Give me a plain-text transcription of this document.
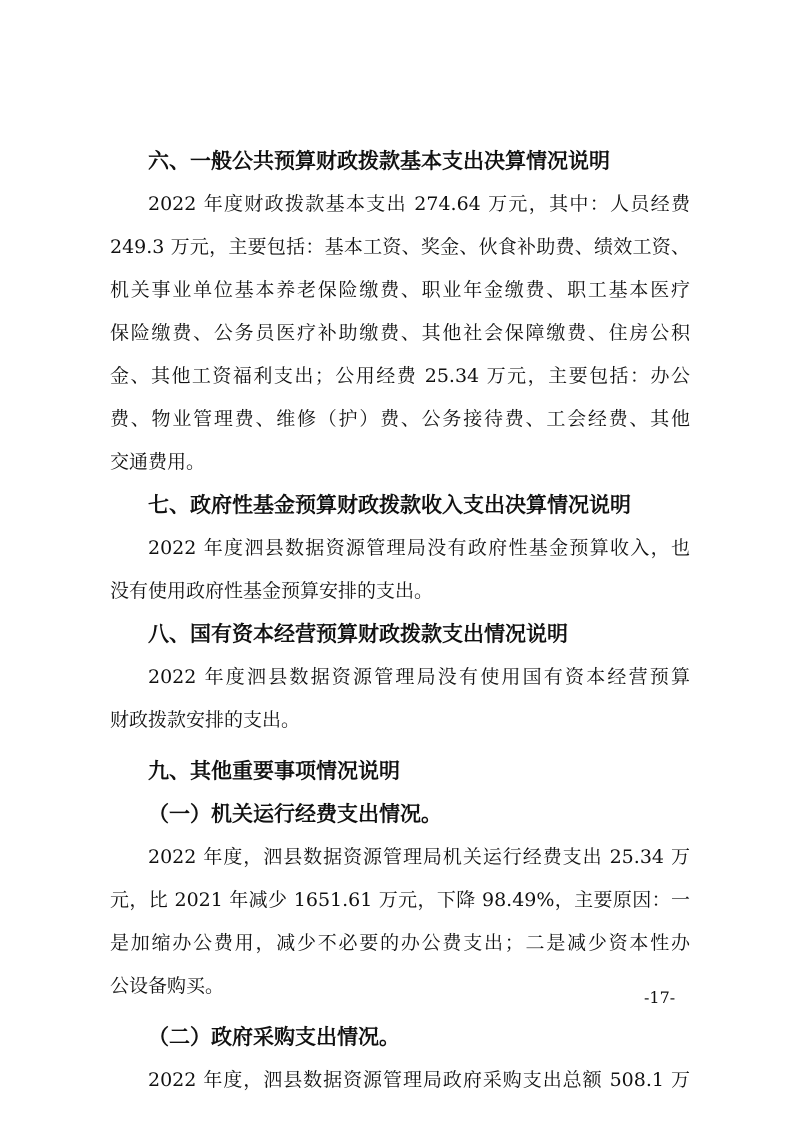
六、一般公共预算财政拨款基本支出决算情况说明
2022 年度财政拨款基本支出 274.64 万元，其中：人员经费
249.3 万元，主要包括：基本工资、奖金、伙食补助费、绩效工资、
机关事业单位基本养老保险缴费、职业年金缴费、职工基本医疗
保险缴费、公务员医疗补助缴费、其他社会保障缴费、住房公积
金、其他工资福利支出；公用经费 25.34 万元，主要包括：办公
费、物业管理费、维修（护）费、公务接待费、工会经费、其他
交通费用。
七、政府性基金预算财政拨款收入支出决算情况说明
2022 年度泗县数据资源管理局没有政府性基金预算收入，也
没有使用政府性基金预算安排的支出。
八、国有资本经营预算财政拨款支出情况说明
2022 年度泗县数据资源管理局没有使用国有资本经营预算
财政拨款安排的支出。
九、其他重要事项情况说明
（一）机关运行经费支出情况。
2022 年度，泗县数据资源管理局机关运行经费支出 25.34 万
元，比 2021 年减少 1651.61 万元，下降 98.49%，主要原因：一
是加缩办公费用，减少不必要的办公费支出；二是减少资本性办
公设备购买。
（二）政府采购支出情况。
2022 年度，泗县数据资源管理局政府采购支出总额 508.1 万
-17-
